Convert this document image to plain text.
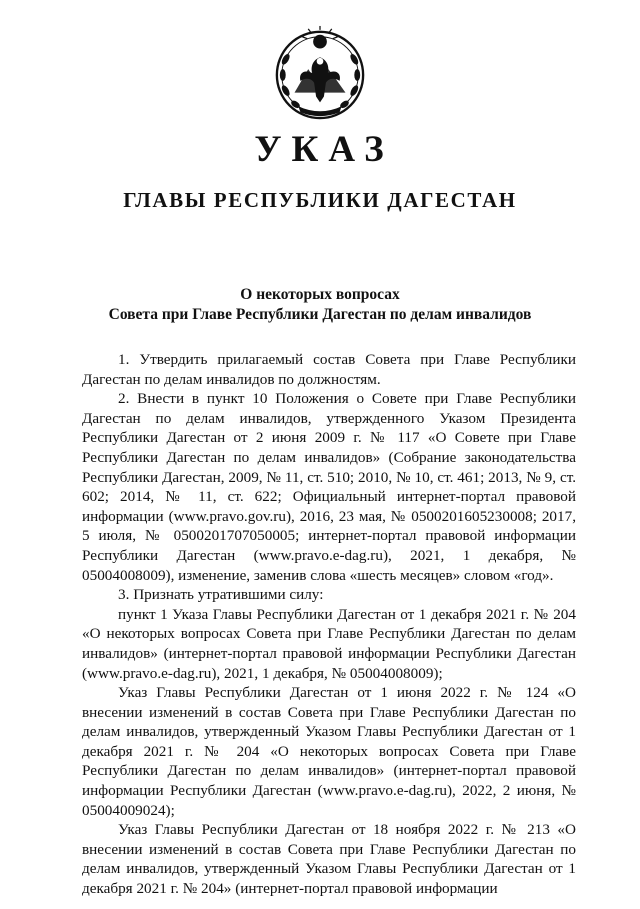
УКАЗ
ГЛАВЫ РЕСПУБЛИКИ ДАГЕСТАН
О некоторых вопросах
Совета при Главе Республики Дагестан по делам инвалидов

1. Утвердить прилагаемый состав Совета при Главе Республики Дагестан по делам инвалидов по должностям.

2. Внести в пункт 10 Положения о Совете при Главе Республики Дагестан по делам инвалидов, утвержденного Указом Президента Республики Дагестан от 2 июня 2009 г. № 117 «О Совете при Главе Республики Дагестан по делам инвалидов» (Собрание законодательства Республики Дагестан, 2009, № 11, ст. 510; 2010, № 10, ст. 461; 2013, № 9, ст. 602; 2014, № 11, ст. 622; Официальный интернет-портал правовой информации (www.pravo.gov.ru), 2016, 23 мая, № 0500201605230008; 2017, 5 июля, № 0500201707050005; интернет-портал правовой информации Республики Дагестан (www.pravo.e-dag.ru), 2021, 1 декабря, № 05004008009), изменение, заменив слова «шесть месяцев» словом «год».

3. Признать утратившими силу:

пункт 1 Указа Главы Республики Дагестан от 1 декабря 2021 г. № 204 «О некоторых вопросах Совета при Главе Республики Дагестан по делам инвалидов» (интернет-портал правовой информации Республики Дагестан (www.pravo.e-dag.ru), 2021, 1 декабря, № 05004008009);

Указ Главы Республики Дагестан от 1 июня 2022 г. № 124 «О внесении изменений в состав Совета при Главе Республики Дагестан по делам инвалидов, утвержденный Указом Главы Республики Дагестан от 1 декабря 2021 г. № 204 «О некоторых вопросах Совета при Главе Республики Дагестан по делам инвалидов» (интернет-портал правовой информации Республики Дагестан (www.pravo.e-dag.ru), 2022, 2 июня, № 05004009024);

Указ Главы Республики Дагестан от 18 ноября 2022 г. № 213 «О внесении изменений в состав Совета при Главе Республики Дагестан по делам инвалидов, утвержденный Указом Главы Республики Дагестан от 1 декабря 2021 г. № 204» (интернет-портал правовой информации
